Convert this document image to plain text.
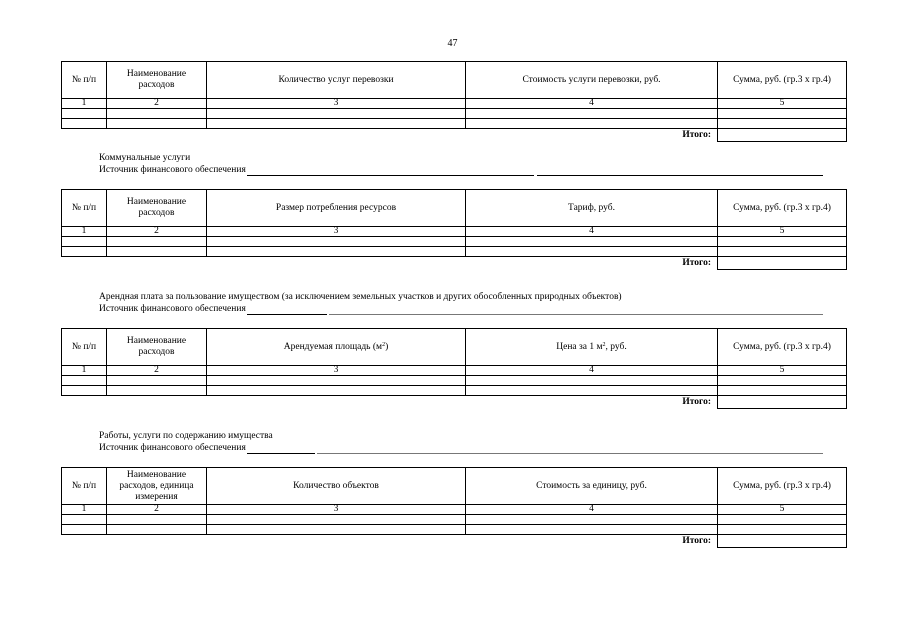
47
№ п/п	Наименование расходов	Количество услуг перевозки	Стоимость услуги перевозки, руб.	Сумма, руб. (гр.3 x гр.4)
1	2	3	4	5

Итого:				
Коммунальные услуги
Источник финансового обеспечения
№ п/п	Наименование расходов	Размер потребления ресурсов	Тариф, руб.	Сумма, руб. (гр.3 x гр.4)
1	2	3	4	5

Итого:				
Арендная плата за пользование имуществом (за исключением земельных участков и других обособленных природных объектов)
Источник финансового обеспечения
№ п/п	Наименование расходов	Арендуемая площадь $(м^2)$	Цена за 1 $м^2$, руб.	Сумма, руб. (гр.3 x гр.4)
1	2	3	4	5

Итого:				
Работы, услуги по содержанию имущества
Источник финансового обеспечения
№ п/п	Наименование расходов, единица измерения	Количество объектов	Стоимость за единицу, руб.	Сумма, руб. (гр.3 x гр.4)
1	2	3	4	5

Итого:				
